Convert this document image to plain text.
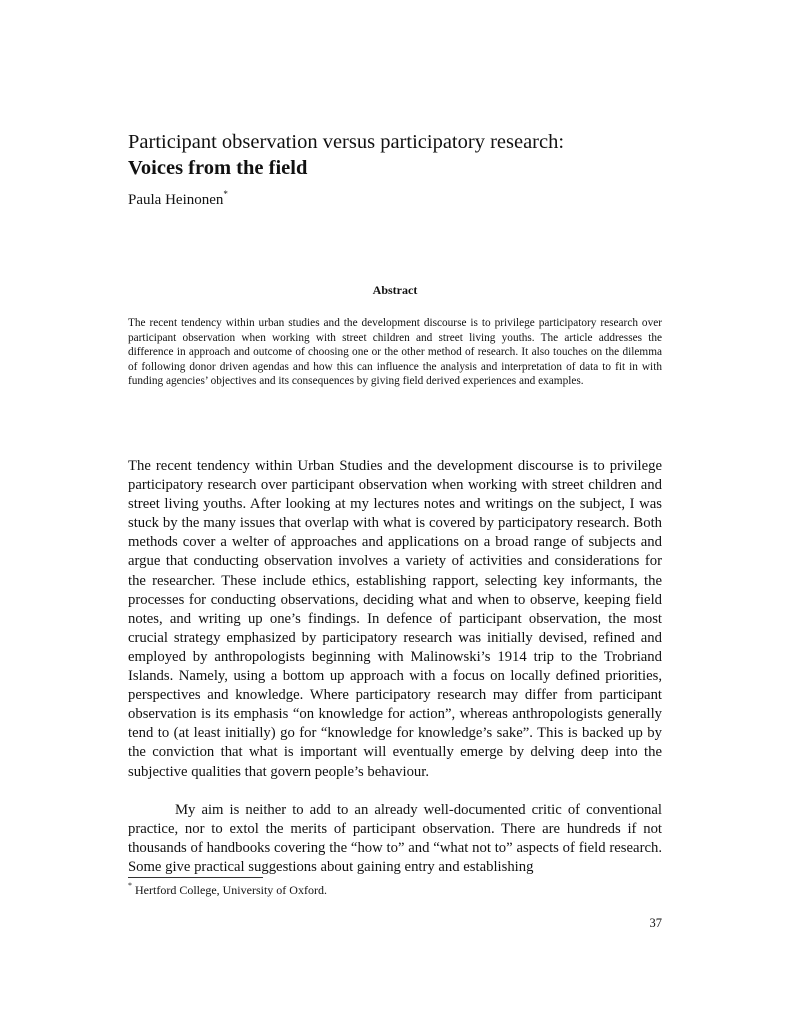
Participant observation versus participatory research:
Voices from the field
Paula Heinonen*
Abstract
The recent tendency within urban studies and the development discourse is to privilege participatory research over participant observation when working with street children and street living youths. The article addresses the difference in approach and outcome of choosing one or the other method of research. It also touches on the dilemma of following donor driven agendas and how this can influence the analysis and interpretation of data to fit in with funding agencies’ objectives and its consequences by giving field derived experiences and examples.

The recent tendency within Urban Studies and the development discourse is to privilege participatory research over participant observation when working with street children and street living youths. After looking at my lectures notes and writings on the subject, I was stuck by the many issues that overlap with what is covered by participatory research. Both methods cover a welter of approaches and applications on a broad range of subjects and argue that conducting observation involves a variety of activities and considerations for the researcher. These include ethics, establishing rapport, selecting key informants, the processes for conducting observations, deciding what and when to observe, keeping field notes, and writing up one’s findings. In defence of participant observation, the most crucial strategy emphasized by participatory research was initially devised, refined and employed by anthropologists beginning with Malinowski’s 1914 trip to the Trobriand Islands. Namely, using a bottom up approach with a focus on locally defined priorities, perspectives and knowledge. Where participatory research may differ from participant observation is its emphasis “on knowledge for action”, whereas anthropologists generally tend to (at least initially) go for “knowledge for knowledge’s sake”. This is backed up by the conviction that what is important will eventually emerge by delving deep into the subjective qualities that govern people’s behaviour.

My aim is neither to add to an already well-documented critic of conventional practice, nor to extol the merits of participant observation. There are hundreds if not thousands of handbooks covering the “how to” and “what not to” aspects of field research. Some give practical suggestions about gaining entry and establishing

* Hertford College, University of Oxford.
37
